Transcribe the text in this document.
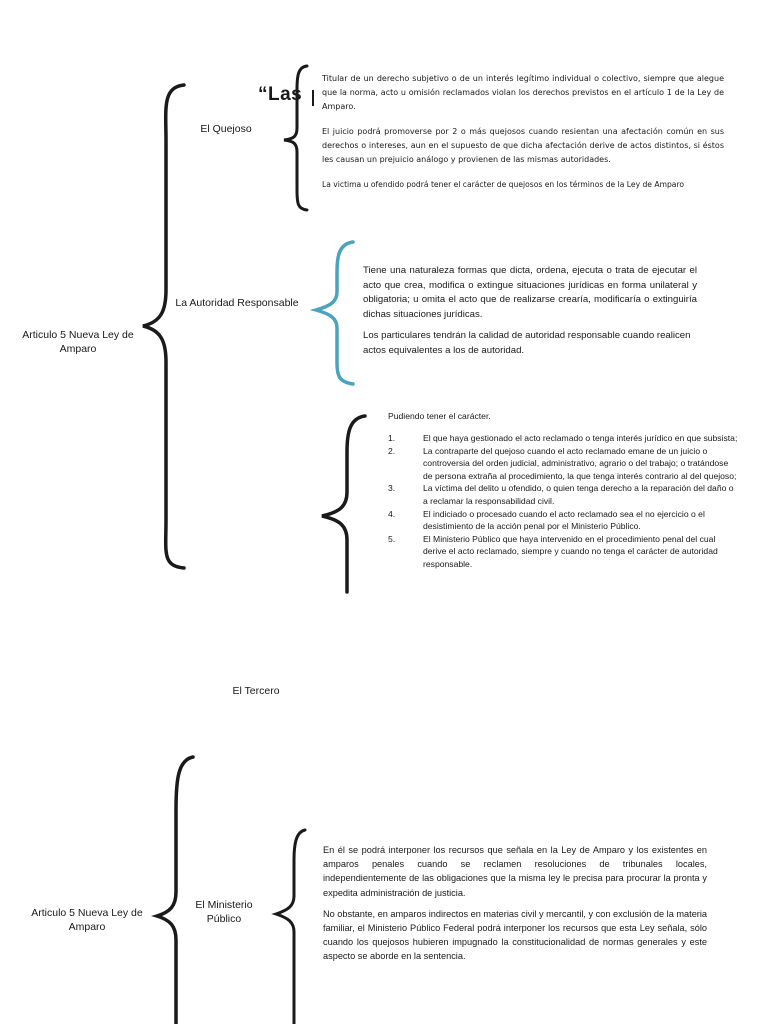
Articulo 5 Nueva Ley de Amparo
“Las
El Quejoso

Titular de un derecho subjetivo o de un interés legítimo individual o colectivo, siempre que alegue que la norma, acto u omisión reclamados violan los derechos previstos en el artículo 1 de la Ley de Amparo.

El juicio podrá promoverse por 2 o más quejosos cuando resientan una afectación común en sus derechos o intereses, aun en el supuesto de que dicha afectación derive de actos distintos, si éstos les causan un prejuicio análogo y provienen de las mismas autoridades.

La victima u ofendido podrá tener el carácter de quejosos en los términos de la Ley de Amparo

La Autoridad Responsable

Tiene una naturaleza formas que dicta, ordena, ejecuta o trata de ejecutar el acto que crea, modifica o extingue situaciones jurídicas en forma unilateral y obligatoria; u omita el acto que de realizarse crearía, modificaría o extinguiría dichas situaciones jurídicas.

Los particulares tendrán la calidad de autoridad responsable cuando realicen actos equivalentes a los de autoridad.

Pudiendo tener el carácter.

1.	El que haya gestionado el acto reclamado o tenga interés jurídico en que subsista;
2.	La contraparte del quejoso cuando el acto reclamado emane de un juicio o controversia del orden judicial, administrativo, agrario o del trabajo; o tratándose de persona extraña al procedimiento, la que tenga interés contrario al del quejoso;
3.	La víctima del delito u ofendido, o quien tenga derecho a la reparación del daño o a reclamar la responsabilidad civil.
4.	El indiciado o procesado cuando el acto reclamado sea el no ejercicio o el desistimiento de la acción penal por el Ministerio Público.
5.	El Ministerio Público que haya intervenido en el procedimiento penal del cual derive el acto reclamado, siempre y cuando no tenga el carácter de autoridad responsable.
El Tercero
Articulo 5 Nueva Ley de Amparo
El Ministerio Público

En él se podrá interponer los recursos que señala en la Ley de Amparo y los existentes en amparos penales cuando se reclamen resoluciones de tribunales locales, independientemente de las obligaciones que la misma ley le precisa para procurar la pronta y expedita administración de justicia.

No obstante, en amparos indirectos en materias civil y mercantil, y con exclusión de la materia familiar, el Ministerio Público Federal podrá interponer los recursos que esta Ley señala, sólo cuando los quejosos hubieren impugnado la constitucionalidad de normas generales y este aspecto se aborde en la sentencia.
